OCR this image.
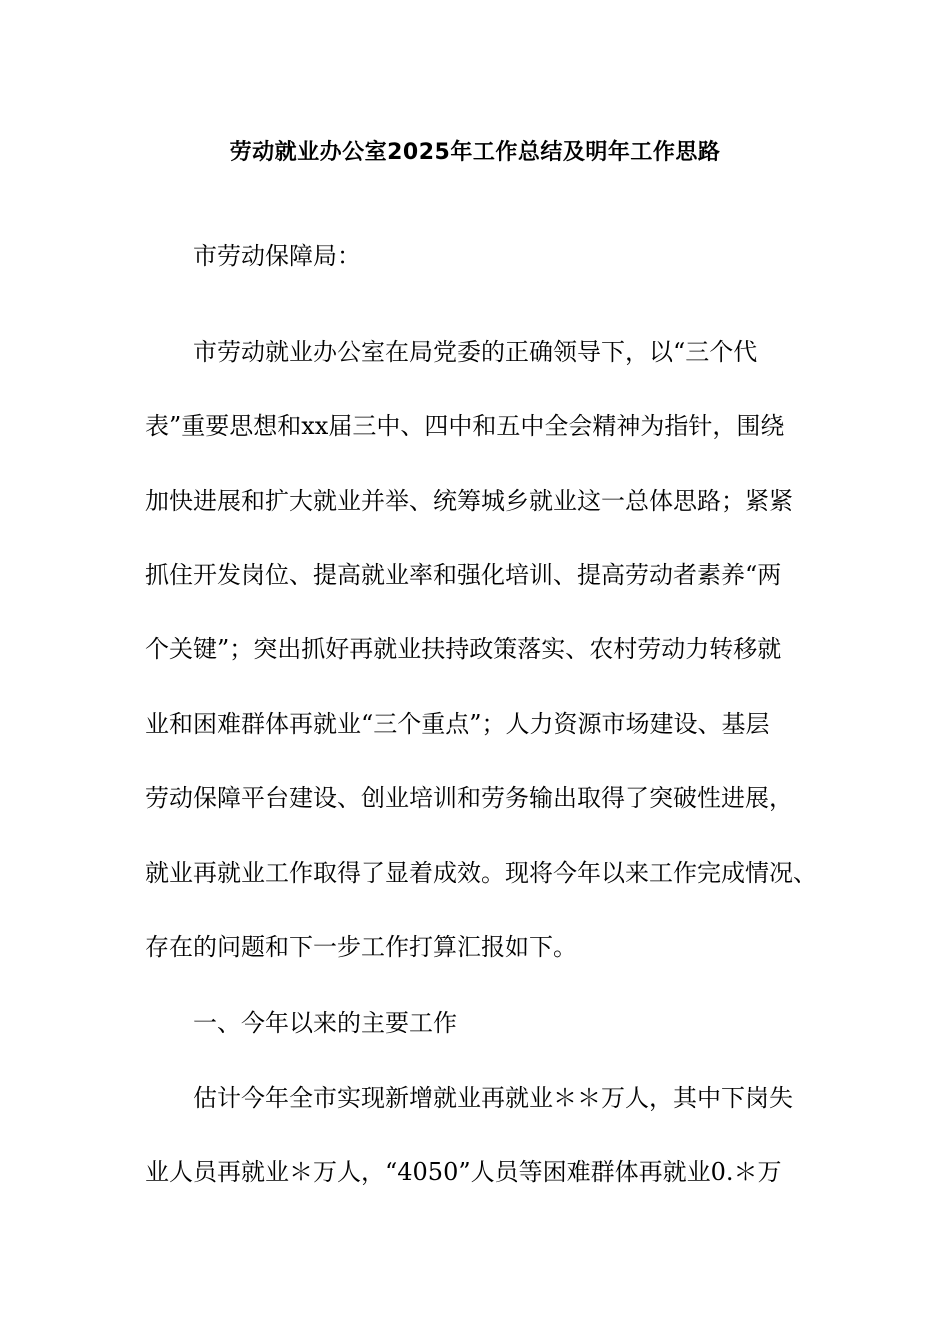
劳动就业办公室2025年工作总结及明年工作思路
市劳动保障局：
市劳动就业办公室在局党委的正确领导下，以“三个代
表”重要思想和xx届三中、四中和五中全会精神为指针，围绕
加快进展和扩大就业并举、统筹城乡就业这一总体思路；紧紧
抓住开发岗位、提高就业率和强化培训、提高劳动者素养“两
个关键”；突出抓好再就业扶持政策落实、农村劳动力转移就
业和困难群体再就业“三个重点”；人力资源市场建设、基层
劳动保障平台建设、创业培训和劳务输出取得了突破性进展，
就业再就业工作取得了显着成效。现将今年以来工作完成情况、
存在的问题和下一步工作打算汇报如下。
一、今年以来的主要工作
估计今年全市实现新增就业再就业＊＊万人，其中下岗失
业人员再就业＊万人，“4050”人员等困难群体再就业0.＊万
